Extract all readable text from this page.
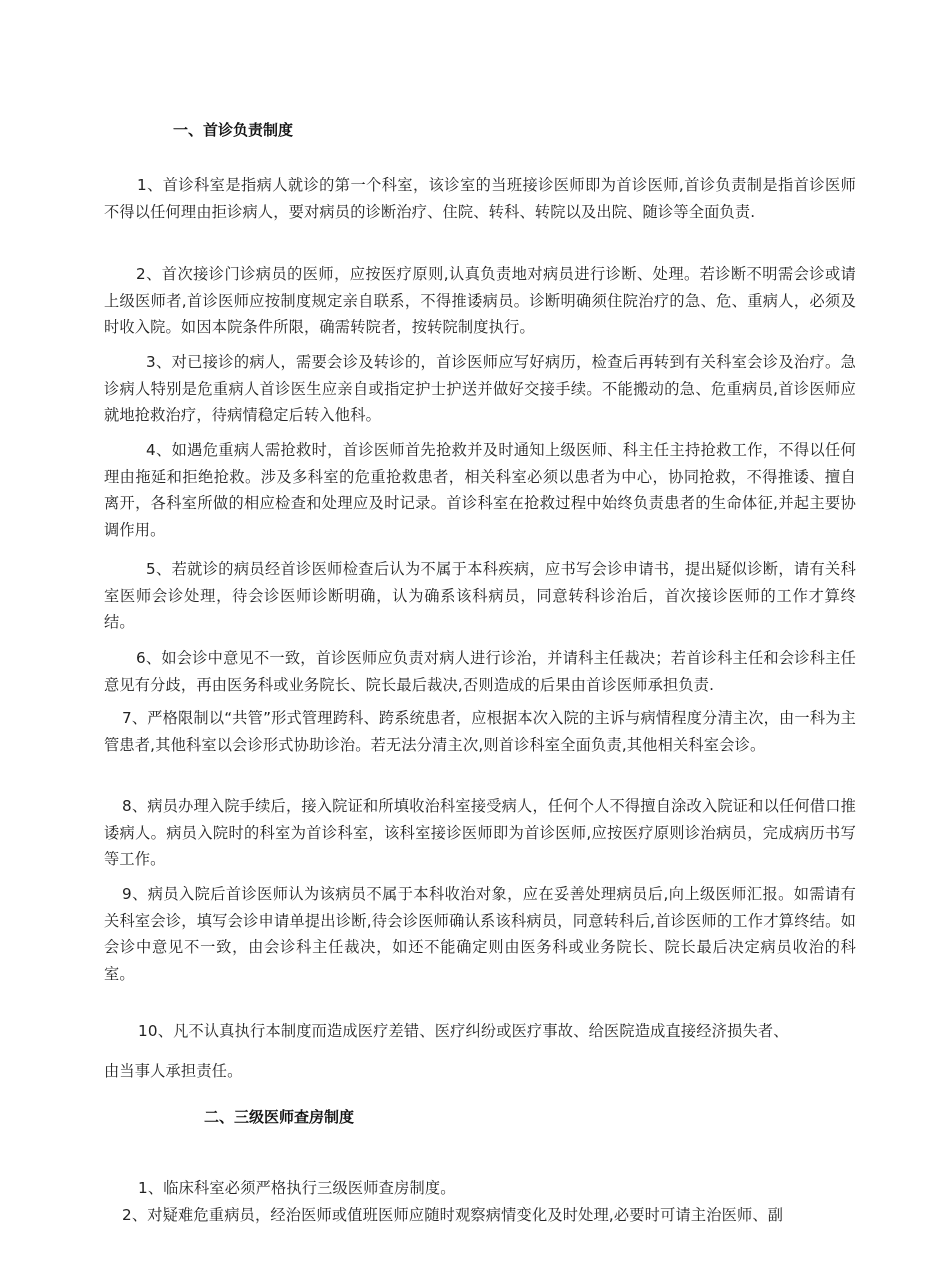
一、首诊负责制度
1、首诊科室是指病人就诊的第一个科室，该诊室的当班接诊医师即为首诊医师,首诊负责制是指首诊医师不得以任何理由拒诊病人，要对病员的诊断治疗、住院、转科、转院以及出院、随诊等全面负责.
2、首次接诊门诊病员的医师，应按医疗原则,认真负责地对病员进行诊断、处理。若诊断不明需会诊或请上级医师者,首诊医师应按制度规定亲自联系，不得推诿病员。诊断明确须住院治疗的急、危、重病人，必须及时收入院。如因本院条件所限，确需转院者，按转院制度执行。
3、对已接诊的病人，需要会诊及转诊的，首诊医师应写好病历，检查后再转到有关科室会诊及治疗。急诊病人特别是危重病人首诊医生应亲自或指定护士护送并做好交接手续。不能搬动的急、危重病员,首诊医师应就地抢救治疗，待病情稳定后转入他科。
4、如遇危重病人需抢救时，首诊医师首先抢救并及时通知上级医师、科主任主持抢救工作，不得以任何理由拖延和拒绝抢救。涉及多科室的危重抢救患者，相关科室必须以患者为中心，协同抢救，不得推诿、擅自离开，各科室所做的相应检查和处理应及时记录。首诊科室在抢救过程中始终负责患者的生命体征,并起主要协调作用。
5、若就诊的病员经首诊医师检查后认为不属于本科疾病，应书写会诊申请书，提出疑似诊断，请有关科室医师会诊处理，待会诊医师诊断明确，认为确系该科病员，同意转科诊治后，首次接诊医师的工作才算终结。
6、如会诊中意见不一致，首诊医师应负责对病人进行诊治，并请科主任裁决；若首诊科主任和会诊科主任意见有分歧，再由医务科或业务院长、院长最后裁决,否则造成的后果由首诊医师承担负责.
7、严格限制以“共管”形式管理跨科、跨系统患者，应根据本次入院的主诉与病情程度分清主次，由一科为主管患者,其他科室以会诊形式协助诊治。若无法分清主次,则首诊科室全面负责,其他相关科室会诊。
8、病员办理入院手续后，接入院证和所填收治科室接受病人，任何个人不得擅自涂改入院证和以任何借口推诿病人。病员入院时的科室为首诊科室，该科室接诊医师即为首诊医师,应按医疗原则诊治病员，完成病历书写等工作。
9、病员入院后首诊医师认为该病员不属于本科收治对象，应在妥善处理病员后,向上级医师汇报。如需请有关科室会诊，填写会诊申请单提出诊断,待会诊医师确认系该科病员，同意转科后,首诊医师的工作才算终结。如会诊中意见不一致，由会诊科主任裁决，如还不能确定则由医务科或业务院长、院长最后决定病员收治的科室。
10、凡不认真执行本制度而造成医疗差错、医疗纠纷或医疗事故、给医院造成直接经济损失者、
由当事人承担责任。
二、三级医师查房制度
1、临床科室必须严格执行三级医师查房制度。
2、对疑难危重病员，经治医师或值班医师应随时观察病情变化及时处理,必要时可请主治医师、副
